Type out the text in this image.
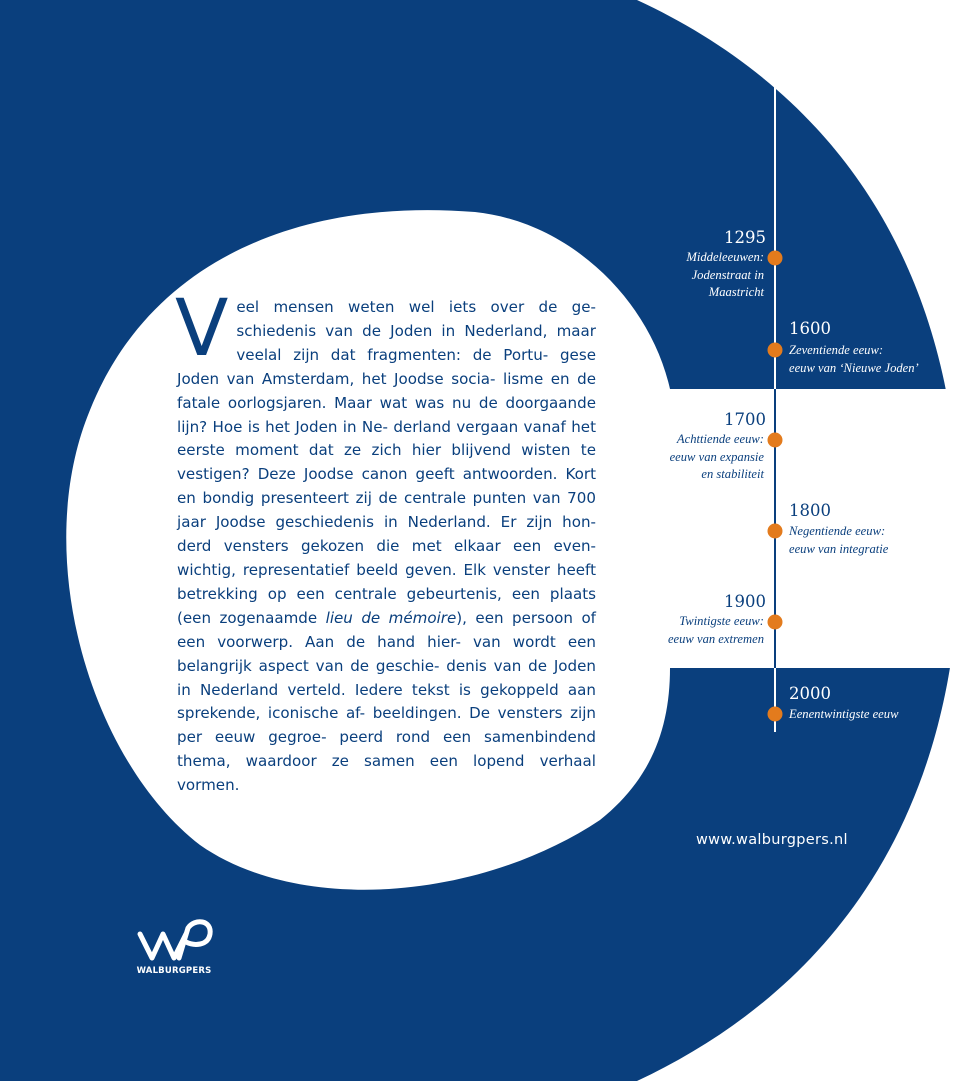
Veel mensen weten wel iets over de ge- schiedenis van de Joden in Nederland, maar veelal zijn dat fragmenten: de Portu- gese Joden van Amsterdam, het Joodse socia- lisme en de fatale oorlogsjaren. Maar wat was nu de doorgaande lijn? Hoe is het Joden in Ne- derland vergaan vanaf het eerste moment dat ze zich hier blijvend wisten te vestigen? Deze Joodse canon geeft antwoorden. Kort en bondig presenteert zij de centrale punten van 700 jaar Joodse geschiedenis in Nederland. Er zijn hon- derd vensters gekozen die met elkaar een even- wichtig, representatief beeld geven. Elk venster heeft betrekking op een centrale gebeurtenis, een plaats (een zogenaamde lieu de mémoire), een persoon of een voorwerp. Aan de hand hier- van wordt een belangrijk aspect van de geschie- denis van de Joden in Nederland verteld. Iedere tekst is gekoppeld aan sprekende, iconische af- beeldingen. De vensters zijn per eeuw gegroe- peerd rond een samenbindend thema, waardoor ze samen een lopend verhaal vormen.

1295
Middeleeuwen:
Jodenstraat in
Maastricht
1600
Zeventiende eeuw:
eeuw van ‘Nieuwe Joden’
1700
Achttiende eeuw:
eeuw van expansie
en stabiliteit
1800
Negentiende eeuw:
eeuw van integratie
1900
Twintigste eeuw:
eeuw van extremen
2000
Eenentwintigste eeuw
www.walburgpers.nl
WALBURGPERS
